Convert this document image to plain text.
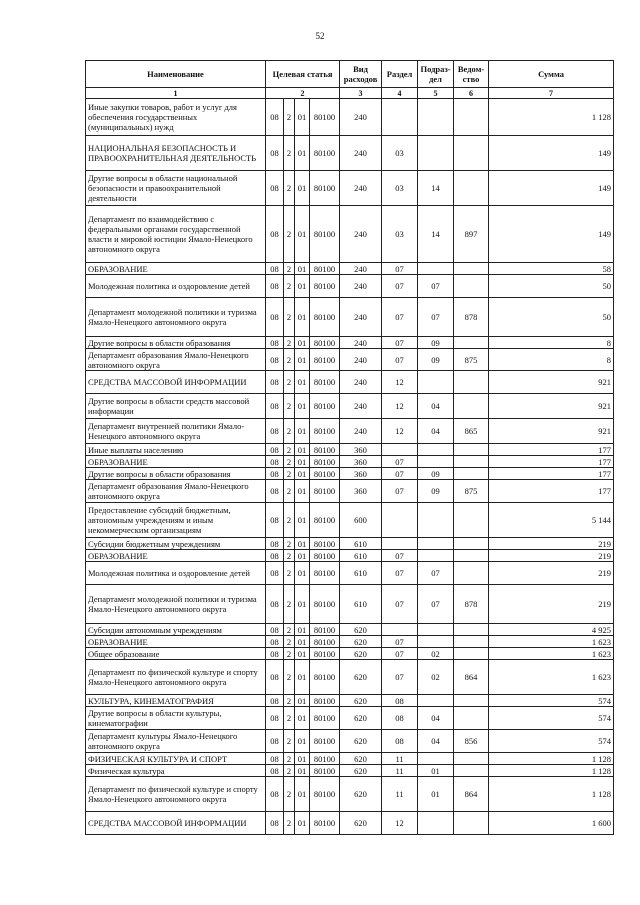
52
Наименование	Целевая статья				Вид расходов	Раздел	Подраз-дел	Ведом-ство	Сумма
1	2				3	4	5	6	7
Иные закупки товаров, работ и услуг для обеспечения государственных (муниципальных) нужд	08	2	01	80100	240				1 128
НАЦИОНАЛЬНАЯ БЕЗОПАСНОСТЬ И ПРАВООХРАНИТЕЛЬНАЯ ДЕЯТЕЛЬНОСТЬ	08	2	01	80100	240	03			149
Другие вопросы в области национальной безопасности и правоохранительной деятельности	08	2	01	80100	240	03	14		149
Департамент по взаимодействию с федеральными органами государственной власти и мировой юстиции Ямало-Ненецкого автономного округа	08	2	01	80100	240	03	14	897	149
ОБРАЗОВАНИЕ	08	2	01	80100	240	07			58
Молодежная политика и оздоровление детей	08	2	01	80100	240	07	07		50
Департамент молодежной политики и туризма Ямало-Ненецкого автономного округа	08	2	01	80100	240	07	07	878	50
Другие вопросы в области образования	08	2	01	80100	240	07	09		8
Департамент образования Ямало-Ненецкого автономного округа	08	2	01	80100	240	07	09	875	8
СРЕДСТВА МАССОВОЙ ИНФОРМАЦИИ	08	2	01	80100	240	12			921
Другие вопросы в области средств массовой информации	08	2	01	80100	240	12	04		921
Департамент внутренней политики Ямало-Ненецкого автономного округа	08	2	01	80100	240	12	04	865	921
Иные выплаты населению	08	2	01	80100	360				177
ОБРАЗОВАНИЕ	08	2	01	80100	360	07			177
Другие вопросы в области образования	08	2	01	80100	360	07	09		177
Департамент образования Ямало-Ненецкого автономного округа	08	2	01	80100	360	07	09	875	177
Предоставление субсидий бюджетным, автономным учреждениям и иным некоммерческим организациям	08	2	01	80100	600				5 144
Субсидии бюджетным учреждениям	08	2	01	80100	610				219
ОБРАЗОВАНИЕ	08	2	01	80100	610	07			219
Молодежная политика и оздоровление детей	08	2	01	80100	610	07	07		219
Департамент молодежной политики и туризма Ямало-Ненецкого автономного округа	08	2	01	80100	610	07	07	878	219
Субсидии автономным учреждениям	08	2	01	80100	620				4 925
ОБРАЗОВАНИЕ	08	2	01	80100	620	07			1 623
Общее образование	08	2	01	80100	620	07	02		1 623
Департамент по физической культуре и спорту Ямало-Ненецкого автономного округа	08	2	01	80100	620	07	02	864	1 623
КУЛЬТУРА, КИНЕМАТОГРАФИЯ	08	2	01	80100	620	08			574
Другие вопросы в области культуры, кинематографии	08	2	01	80100	620	08	04		574
Департамент культуры Ямало-Ненецкого автономного округа	08	2	01	80100	620	08	04	856	574
ФИЗИЧЕСКАЯ КУЛЬТУРА И СПОРТ	08	2	01	80100	620	11			1 128
Физическая культура	08	2	01	80100	620	11	01		1 128
Департамент по физической культуре и спорту Ямало-Ненецкого автономного округа	08	2	01	80100	620	11	01	864	1 128
СРЕДСТВА МАССОВОЙ ИНФОРМАЦИИ	08	2	01	80100	620	12			1 600
